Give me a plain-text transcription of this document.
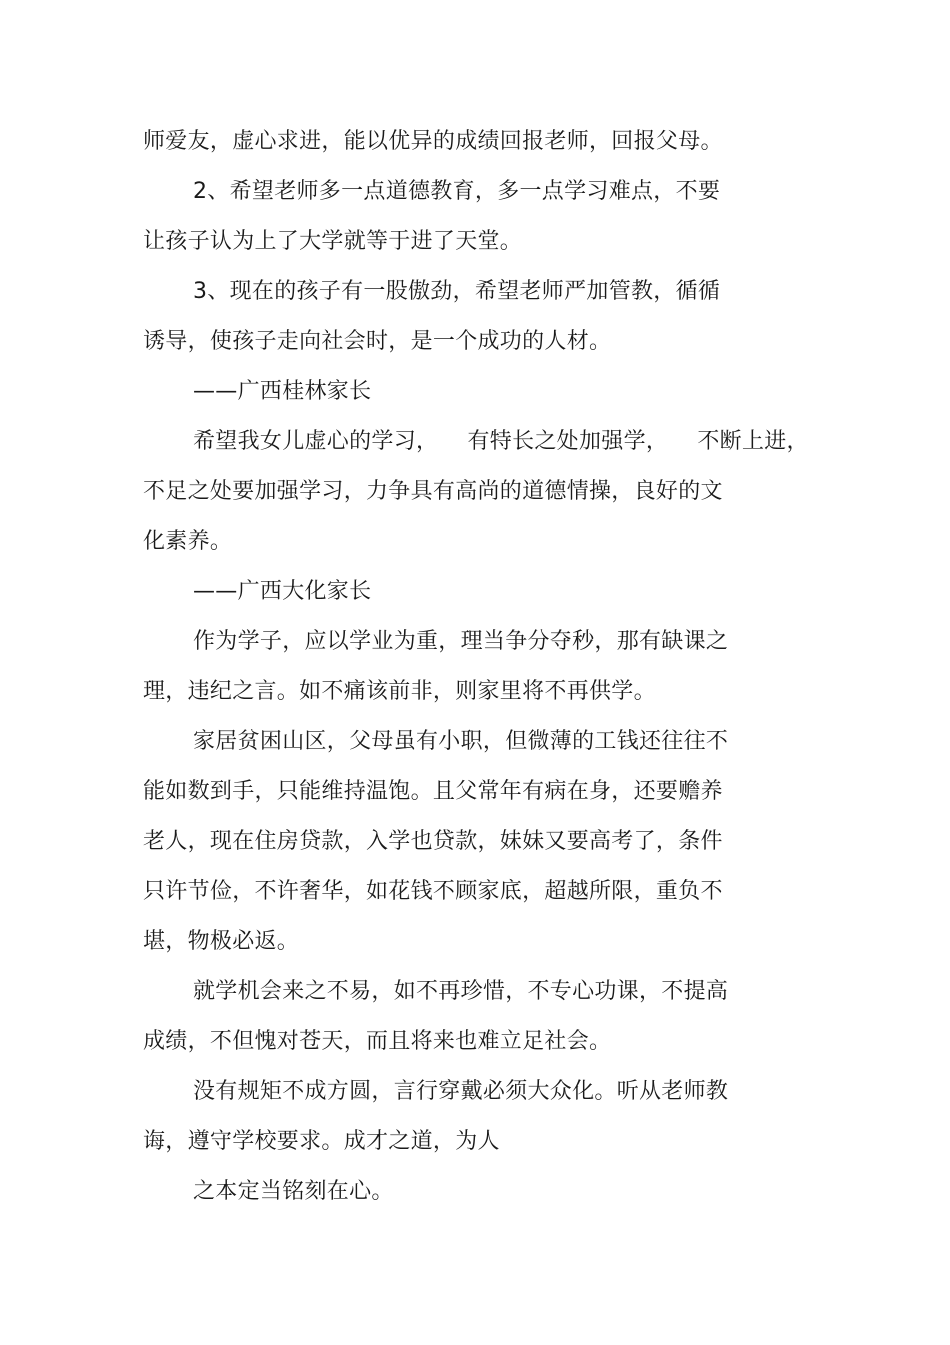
师爱友，虚心求进，能以优异的成绩回报老师，回报父母。
2、希望老师多一点道德教育，多一点学习难点，不要
让孩子认为上了大学就等于进了天堂。
3、现在的孩子有一股傲劲，希望老师严加管教，循循
诱导，使孩子走向社会时，是一个成功的人材。
——广西桂林家长
希望我女儿虚心的学习，    有特长之处加强学，    不断上进，
不足之处要加强学习，力争具有高尚的道德情操，良好的文
化素养。
——广西大化家长
作为学子，应以学业为重，理当争分夺秒，那有缺课之
理，违纪之言。如不痛该前非，则家里将不再供学。
家居贫困山区，父母虽有小职，但微薄的工钱还往往不
能如数到手，只能维持温饱。且父常年有病在身，还要赡养
老人，现在住房贷款，入学也贷款，妹妹又要高考了，条件
只许节俭，不许奢华，如花钱不顾家底，超越所限，重负不
堪，物极必返。
就学机会来之不易，如不再珍惜，不专心功课，不提高
成绩，不但愧对苍天，而且将来也难立足社会。
没有规矩不成方圆，言行穿戴必须大众化。听从老师教
诲，遵守学校要求。成才之道，为人
之本定当铭刻在心。
